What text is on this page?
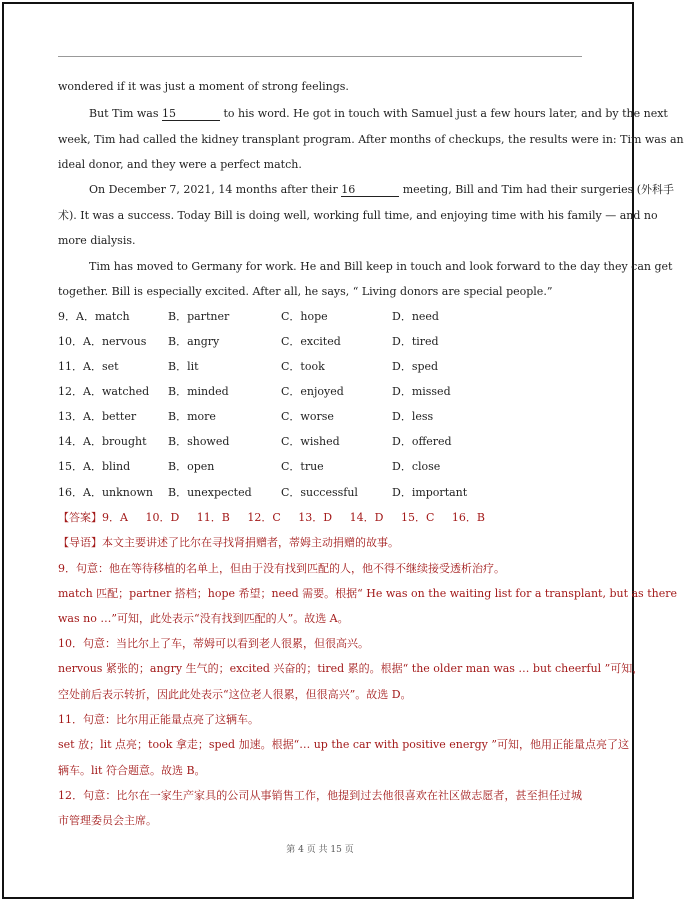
wondered if it was just a moment of strong feelings.
But Tim was 15	to his word. He got in touch with Samuel just a few hours later, and by the next
week, Tim had called the kidney transplant program. After months of checkups, the results were in: Tim was an
ideal donor, and they were a perfect match.
On December 7, 2021, 14 months after their 16	meeting, Bill and Tim had their surgeries (外科手
术). It was a success. Today Bill is doing well, working full time, and enjoying time with his family — and no
more dialysis.
Tim has moved to Germany for work. He and Bill keep in touch and look forward to the day they can get
together. Bill is especially excited. After all, he says, “ Living donors are special people.”
9．A．match	B．partner	C．hope	D．need
10．A．nervous B．angry	C．excited	D．tired
11．A．set	B．lit	C．took	D．sped
12．A．watched B．minded	C．enjoyed	D．missed
13．A．better	B．more	C．worse	D．less
14．A．brought B．showed	C．wished	D．offered
15．A．blind	B．open	C．true	D．close
16．A．unknown B．unexpected	C．successful	D．important
【答案】9．A 10．D 11．B 12．C 13．D 14．D 15．C 16．B
【导语】本文主要讲述了比尔在寻找肾捐赠者，蒂姆主动捐赠的故事。
9．句意：他在等待移植的名单上，但由于没有找到匹配的人，他不得不继续接受透析治疗。
match 匹配；partner 搭档；hope 希望；need 需要。根据“ He was on the waiting list for a transplant, but as there
was no …”可知，此处表示“没有找到匹配的人”。故选 A。
10．句意：当比尔上了车，蒂姆可以看到老人很累，但很高兴。
nervous 紧张的；angry 生气的；excited 兴奋的；tired 累的。根据“ the older man was … but cheerful ”可知，
空处前后表示转折，因此此处表示“这位老人很累，但很高兴”。故选 D。
11．句意：比尔用正能量点亮了这辆车。
set 放；lit 点亮；took 拿走；sped 加速。根据“… up the car with positive energy ”可知，他用正能量点亮了这
辆车。lit 符合题意。故选 B。
12．句意：比尔在一家生产家具的公司从事销售工作，他提到过去他很喜欢在社区做志愿者，甚至担任过城
市管理委员会主席。
第 4 页 共 15 页
